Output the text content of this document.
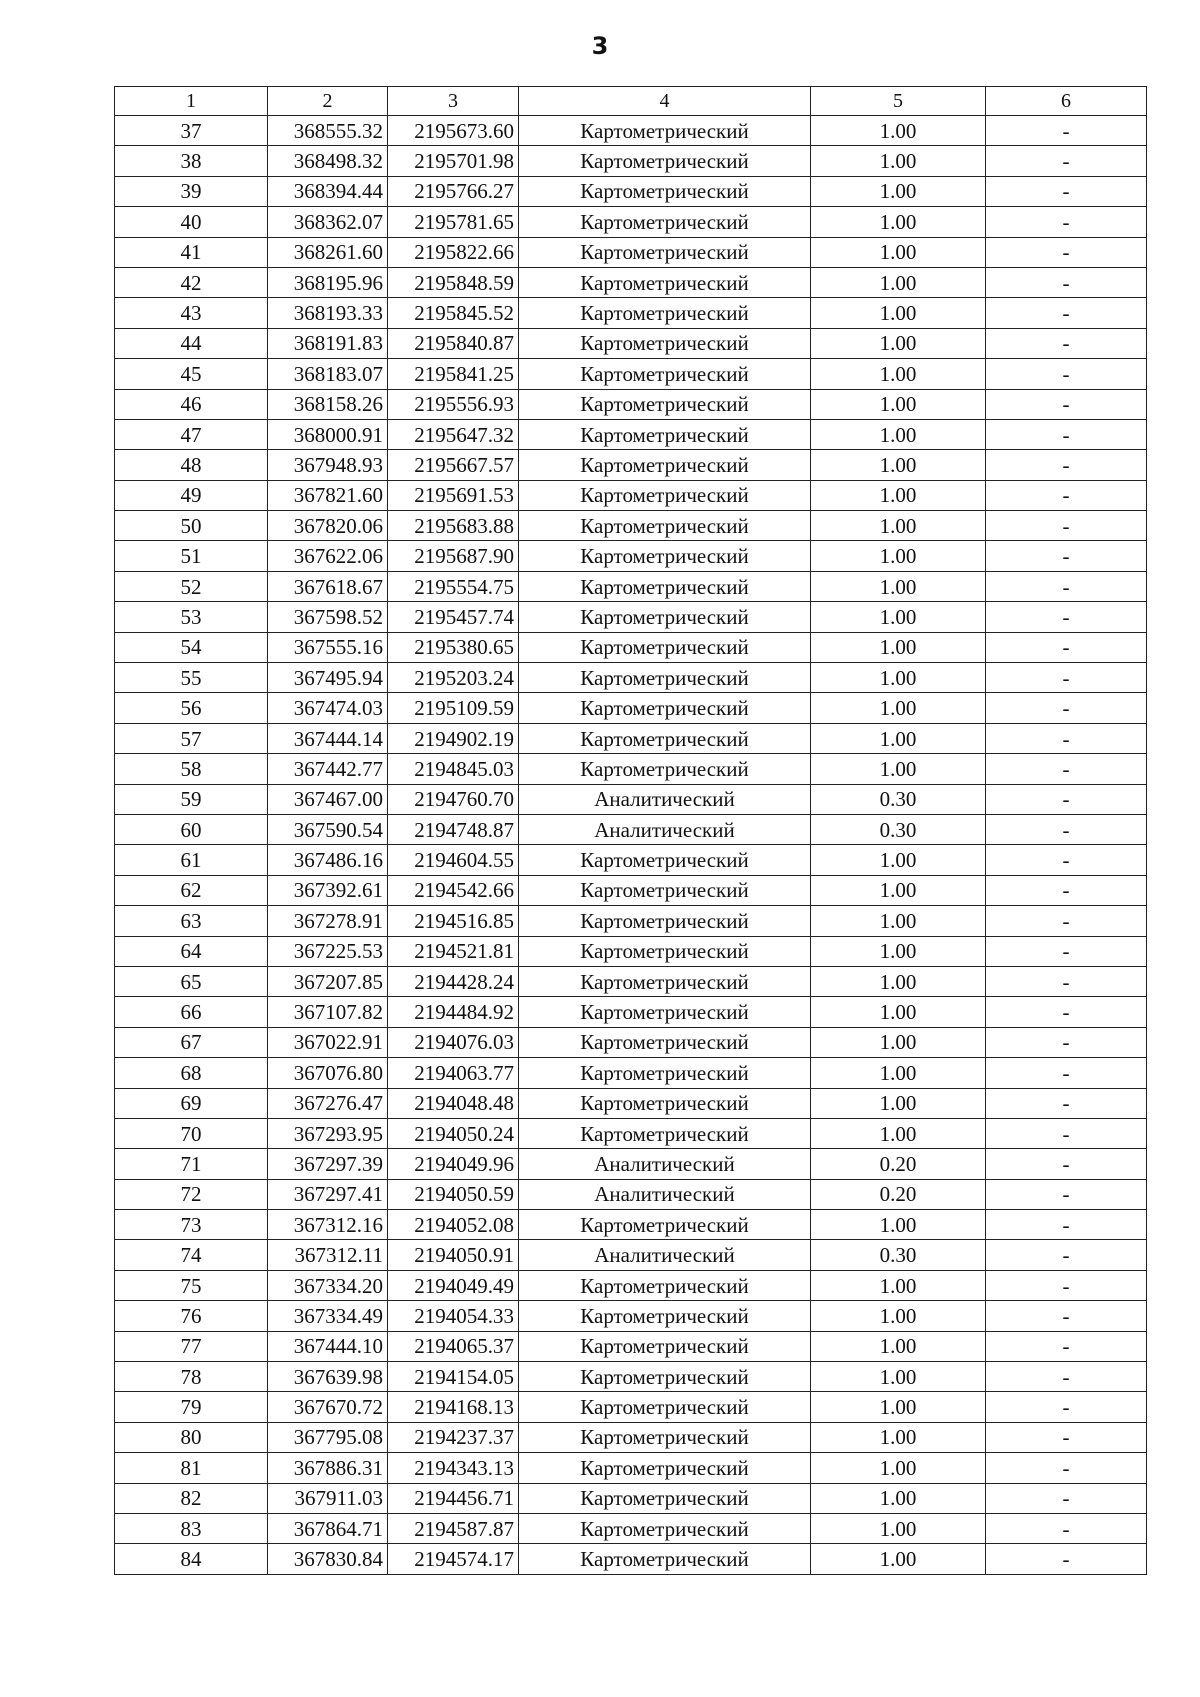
3
1	2	3	4	5	6
37	368555.32	2195673.60	Картометрический	1.00	-
38	368498.32	2195701.98	Картометрический	1.00	-
39	368394.44	2195766.27	Картометрический	1.00	-
40	368362.07	2195781.65	Картометрический	1.00	-
41	368261.60	2195822.66	Картометрический	1.00	-
42	368195.96	2195848.59	Картометрический	1.00	-
43	368193.33	2195845.52	Картометрический	1.00	-
44	368191.83	2195840.87	Картометрический	1.00	-
45	368183.07	2195841.25	Картометрический	1.00	-
46	368158.26	2195556.93	Картометрический	1.00	-
47	368000.91	2195647.32	Картометрический	1.00	-
48	367948.93	2195667.57	Картометрический	1.00	-
49	367821.60	2195691.53	Картометрический	1.00	-
50	367820.06	2195683.88	Картометрический	1.00	-
51	367622.06	2195687.90	Картометрический	1.00	-
52	367618.67	2195554.75	Картометрический	1.00	-
53	367598.52	2195457.74	Картометрический	1.00	-
54	367555.16	2195380.65	Картометрический	1.00	-
55	367495.94	2195203.24	Картометрический	1.00	-
56	367474.03	2195109.59	Картометрический	1.00	-
57	367444.14	2194902.19	Картометрический	1.00	-
58	367442.77	2194845.03	Картометрический	1.00	-
59	367467.00	2194760.70	Аналитический	0.30	-
60	367590.54	2194748.87	Аналитический	0.30	-
61	367486.16	2194604.55	Картометрический	1.00	-
62	367392.61	2194542.66	Картометрический	1.00	-
63	367278.91	2194516.85	Картометрический	1.00	-
64	367225.53	2194521.81	Картометрический	1.00	-
65	367207.85	2194428.24	Картометрический	1.00	-
66	367107.82	2194484.92	Картометрический	1.00	-
67	367022.91	2194076.03	Картометрический	1.00	-
68	367076.80	2194063.77	Картометрический	1.00	-
69	367276.47	2194048.48	Картометрический	1.00	-
70	367293.95	2194050.24	Картометрический	1.00	-
71	367297.39	2194049.96	Аналитический	0.20	-
72	367297.41	2194050.59	Аналитический	0.20	-
73	367312.16	2194052.08	Картометрический	1.00	-
74	367312.11	2194050.91	Аналитический	0.30	-
75	367334.20	2194049.49	Картометрический	1.00	-
76	367334.49	2194054.33	Картометрический	1.00	-
77	367444.10	2194065.37	Картометрический	1.00	-
78	367639.98	2194154.05	Картометрический	1.00	-
79	367670.72	2194168.13	Картометрический	1.00	-
80	367795.08	2194237.37	Картометрический	1.00	-
81	367886.31	2194343.13	Картометрический	1.00	-
82	367911.03	2194456.71	Картометрический	1.00	-
83	367864.71	2194587.87	Картометрический	1.00	-
84	367830.84	2194574.17	Картометрический	1.00	-
